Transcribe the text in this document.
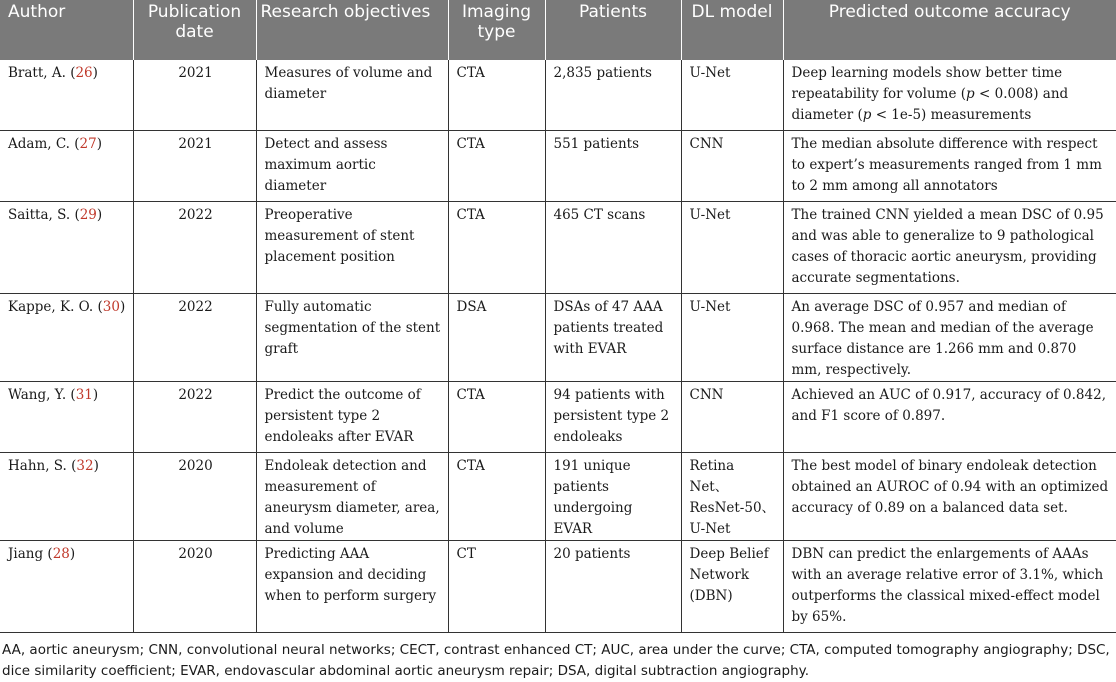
Author	Publication date	Research objectives	Imaging type	Patients	DL model	Predicted outcome accuracy
Bratt, A. (26)	2021	Measures of volume and diameter	CTA	2,835 patients	U-Net	Deep learning models show better time repeatability for volume (p < 0.008) and diameter (p < 1e-5) measurements
Adam, C. (27)	2021	Detect and assess maximum aortic diameter	CTA	551 patients	CNN	The median absolute difference with respect to expert’s measurements ranged from 1 mm to 2 mm among all annotators
Saitta, S. (29)	2022	Preoperative measurement of stent placement position	CTA	465 CT scans	U-Net	The trained CNN yielded a mean DSC of 0.95 and was able to generalize to 9 pathological cases of thoracic aortic aneurysm, providing accurate segmentations.
Kappe, K. O. (30)	2022	Fully automatic segmentation of the stent graft	DSA	DSAs of 47 AAA patients treated with EVAR	U-Net	An average DSC of 0.957 and median of 0.968. The mean and median of the average surface distance are 1.266 mm and 0.870 mm, respectively.
Wang, Y. (31)	2022	Predict the outcome of persistent type 2 endoleaks after EVAR	CTA	94 patients with persistent type 2 endoleaks	CNN	Achieved an AUC of 0.917, accuracy of 0.842, and F1 score of 0.897.
Hahn, S. (32)	2020	Endoleak detection and measurement of aneurysm diameter, area, and volume	CTA	191 unique patients undergoing EVAR	Retina Net、ResNet-50、U-Net	The best model of binary endoleak detection obtained an AUROC of 0.94 with an optimized accuracy of 0.89 on a balanced data set.
Jiang (28)	2020	Predicting AAA expansion and deciding when to perform surgery	CT	20 patients	Deep Belief Network (DBN)	DBN can predict the enlargements of AAAs with an average relative error of 3.1%, which outperforms the classical mixed-effect model by 65%.
AA, aortic aneurysm; CNN, convolutional neural networks; CECT, contrast enhanced CT; AUC, area under the curve; CTA, computed tomography angiography; DSC, dice similarity coefficient; EVAR, endovascular abdominal aortic aneurysm repair; DSA, digital subtraction angiography.
